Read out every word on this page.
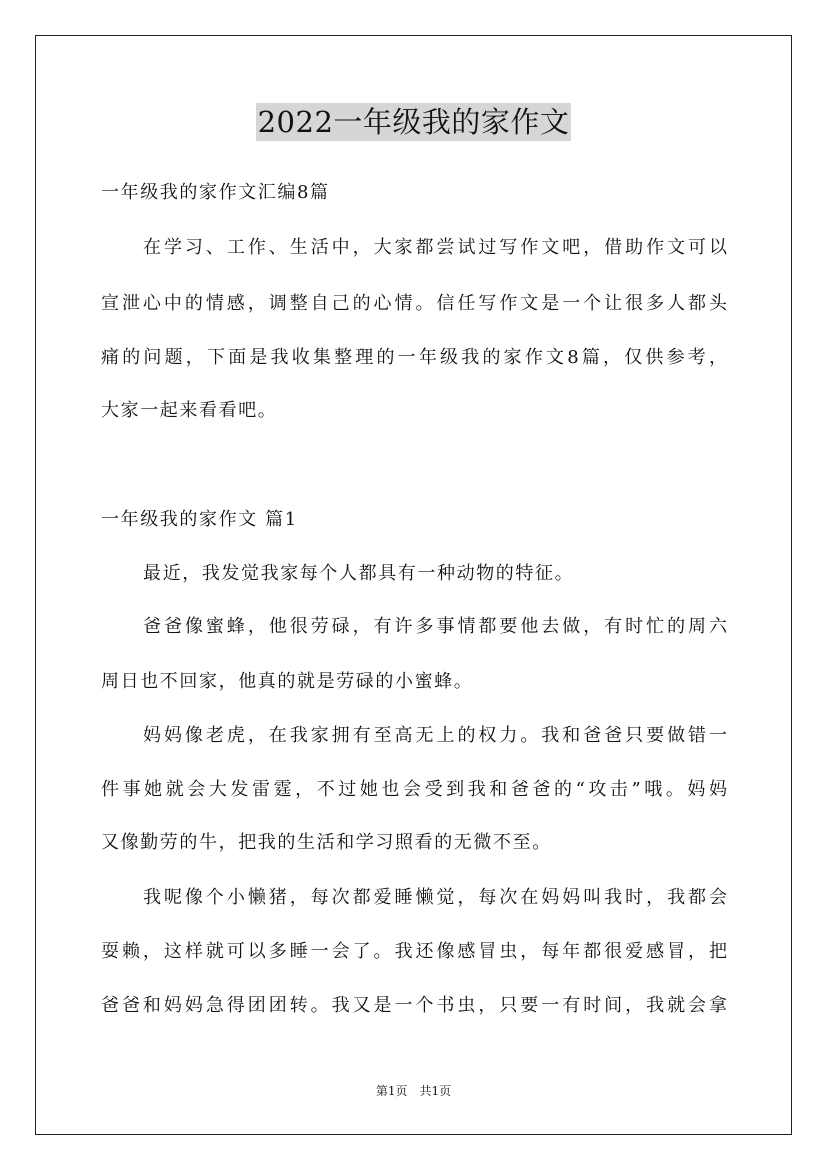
2022一年级我的家作文
一年级我的家作文汇编8篇
在学习、工作、生活中，大家都尝试过写作文吧，借助作文可以
宣泄心中的情感，调整自己的心情。信任写作文是一个让很多人都头
痛的问题，下面是我收集整理的一年级我的家作文8篇，仅供参考，
大家一起来看看吧。
一年级我的家作文 篇1
最近，我发觉我家每个人都具有一种动物的特征。
爸爸像蜜蜂，他很劳碌，有许多事情都要他去做，有时忙的周六
周日也不回家，他真的就是劳碌的小蜜蜂。
妈妈像老虎，在我家拥有至高无上的权力。我和爸爸只要做错一
件事她就会大发雷霆，不过她也会受到我和爸爸的“攻击”哦。妈妈
又像勤劳的牛，把我的生活和学习照看的无微不至。
我呢像个小懒猪，每次都爱睡懒觉，每次在妈妈叫我时，我都会
耍赖，这样就可以多睡一会了。我还像感冒虫，每年都很爱感冒，把
爸爸和妈妈急得团团转。我又是一个书虫，只要一有时间，我就会拿
第1页　共1页
